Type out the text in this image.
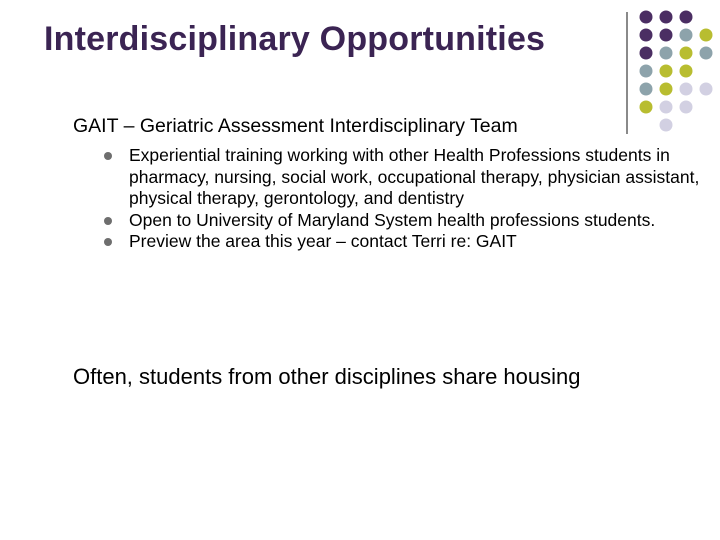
Interdisciplinary Opportunities
GAIT – Geriatric Assessment Interdisciplinary Team
Experiential training working with other Health Professions students in pharmacy, nursing, social work, occupational therapy, physician assistant, physical therapy, gerontology, and dentistry
Open to University of Maryland System health professions students.
Preview the area this year – contact Terri re: GAIT
Often, students from other disciplines share housing
